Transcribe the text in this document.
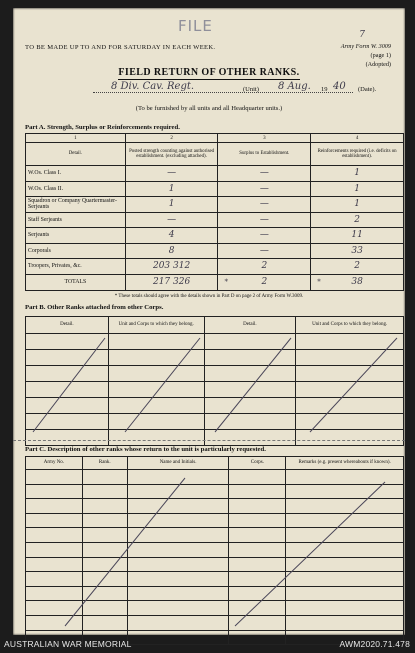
FILE	7
TO BE MADE UP TO AND FOR SATURDAY IN EACH WEEK.	Army Form W. 3009
(page 1)
(Adopted)
FIELD RETURN OF OTHER RANKS.
8 Div. Cav. Regt.	(Unit) 8 Aug. 19 40 (Date).
(To be furnished by all units and all Headquarter units.)
Part A. Strength, Surplus or Reinforcements required.
1	2	3	4
Detail.	Posted strength counting against authorised establishment. (excluding attached).	Surplus to Establishment.	Reinforcements required (i.e. deficits on establishment).
W.Os. Class I.	—	—	1
W.Os. Class II.	1	—	1
Squadron or Company Quartermaster-Serjeants	1	—	1
Staff Serjeants	—	—	2
Serjeants	4	—	11
Corporals	8	—	33
Troopers, Privates, &c.	203 312	2	2
TOTALS	217 326	* 2	* 38
* These totals should agree with the details shown in Part D on page 2 of Army Form W.3009.
Part B. Other Ranks attached from other Corps.
Detail.	Unit and Corps to which they belong.	Detail.	Unit and Corps to which they belong.

Part C. Description of other ranks whose return to the unit is particularly requested.
Army No.	Rank.	Name and Initials.	Corps.	Remarks (e.g. present whereabouts if known).

AUSTRALIAN WAR MEMORIAL	AWM2020.71.478
